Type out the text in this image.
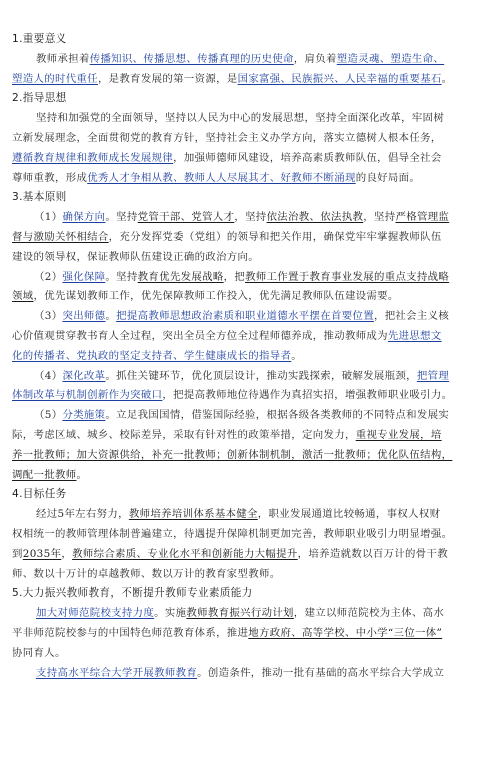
1.重要意义
教师承担着传播知识、传播思想、传播真理的历史使命，肩负着塑造灵魂、塑造生命、
塑造人的时代重任，是教育发展的第一资源，是国家富强、民族振兴、人民幸福的重要基石。
2.指导思想
坚持和加强党的全面领导，坚持以人民为中心的发展思想，坚持全面深化改革，牢固树
立新发展理念，全面贯彻党的教育方针，坚持社会主义办学方向，落实立德树人根本任务，
遵循教育规律和教师成长发展规律，加强师德师风建设，培养高素质教师队伍，倡导全社会
尊师重教，形成优秀人才争相从教、教师人人尽展其才、好教师不断涌现的良好局面。
3.基本原则
（1）确保方向。坚持党管干部、党管人才，坚持依法治教、依法执教，坚持严格管理监
督与激励关怀相结合，充分发挥党委（党组）的领导和把关作用，确保党牢牢掌握教师队伍
建设的领导权，保证教师队伍建设正确的政治方向。
（2）强化保障。坚持教育优先发展战略，把教师工作置于教育事业发展的重点支持战略
领域，优先谋划教师工作，优先保障教师工作投入，优先满足教师队伍建设需要。
（3）突出师德。把提高教师思想政治素质和职业道德水平摆在首要位置，把社会主义核
心价值观贯穿教书育人全过程，突出全员全方位全过程师德养成，推动教师成为先进思想文
化的传播者、党执政的坚定支持者、学生健康成长的指导者。
（4）深化改革。抓住关键环节，优化顶层设计，推动实践探索，破解发展瓶颈，把管理
体制改革与机制创新作为突破口，把提高教师地位待遇作为真招实招，增强教师职业吸引力。
（5）分类施策。立足我国国情，借鉴国际经验，根据各级各类教师的不同特点和发展实
际，考虑区域、城乡、校际差异，采取有针对性的政策举措，定向发力，重视专业发展，培
养一批教师；加大资源供给，补充一批教师；创新体制机制，激活一批教师；优化队伍结构，
调配一批教师。
4.目标任务
经过5年左右努力，教师培养培训体系基本健全，职业发展通道比较畅通，事权人权财
权相统一的教师管理体制普遍建立，待遇提升保障机制更加完善，教师职业吸引力明显增强。
到2035年，教师综合素质、专业化水平和创新能力大幅提升，培养造就数以百万计的骨干教
师、数以十万计的卓越教师、数以万计的教育家型教师。
5.大力振兴教师教育，不断提升教师专业素质能力
加大对师范院校支持力度。实施教师教育振兴行动计划，建立以师范院校为主体、高水
平非师范院校参与的中国特色师范教育体系，推进地方政府、高等学校、中小学“三位一体”
协同育人。
支持高水平综合大学开展教师教育。创造条件，推动一批有基础的高水平综合大学成立
